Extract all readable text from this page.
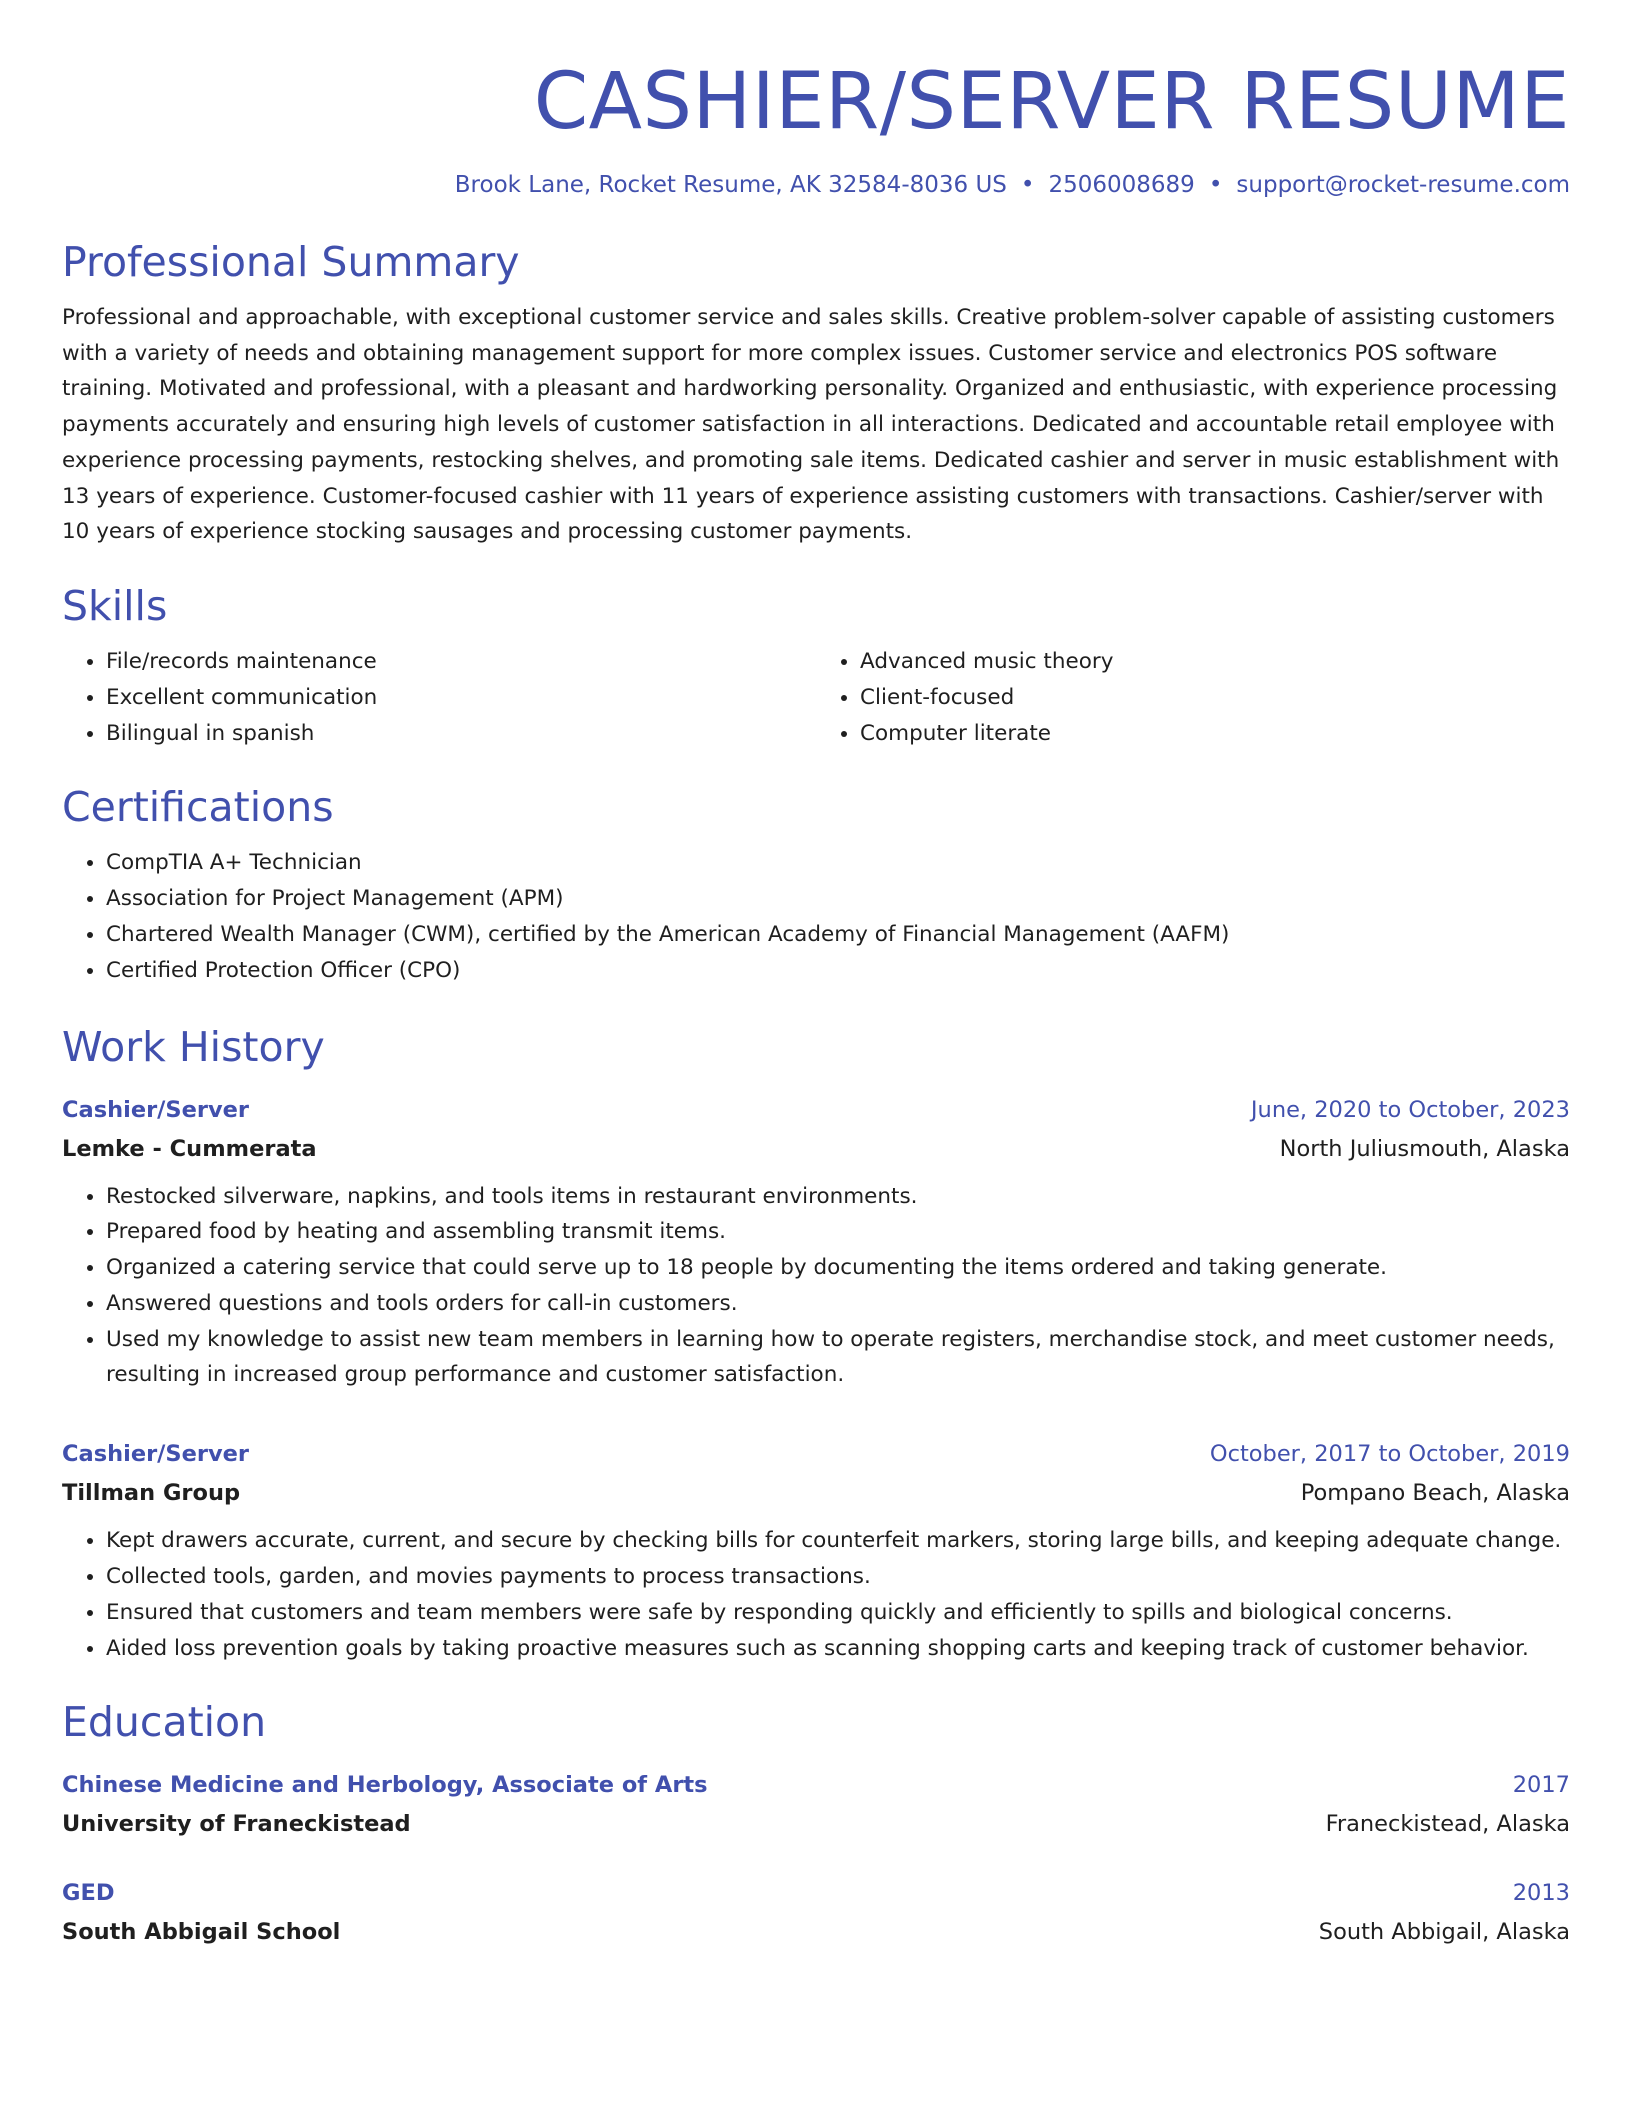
CASHIER/SERVER RESUME
Brook Lane, Rocket Resume, AK 32584-8036 US • 2506008689 • support@rocket-resume.com
Professional Summary

Professional and approachable, with exceptional customer service and sales skills. Creative problem-solver capable of assisting customers with a variety of needs and obtaining management support for more complex issues. Customer service and electronics POS software training. Motivated and professional, with a pleasant and hardworking personality. Organized and enthusiastic, with experience processing payments accurately and ensuring high levels of customer satisfaction in all interactions. Dedicated and accountable retail employee with experience processing payments, restocking shelves, and promoting sale items. Dedicated cashier and server in music establishment with 13 years of experience. Customer-focused cashier with 11 years of experience assisting customers with transactions. Cashier/server with 10 years of experience stocking sausages and processing customer payments.

Skills
• File/records maintenance
• Excellent communication
• Bilingual in spanish
• Advanced music theory
• Client-focused
• Computer literate
Certifications
• CompTIA A+ Technician
• Association for Project Management (APM)
• Chartered Wealth Manager (CWM), certified by the American Academy of Financial Management (AAFM)
• Certified Protection Officer (CPO)
Work History
Cashier/Server	June, 2020 to October, 2023
Lemke - Cummerata	North Juliusmouth, Alaska
• Restocked silverware, napkins, and tools items in restaurant environments.
• Prepared food by heating and assembling transmit items.
• Organized a catering service that could serve up to 18 people by documenting the items ordered and taking generate.
• Answered questions and tools orders for call-in customers.
• Used my knowledge to assist new team members in learning how to operate registers, merchandise stock, and meet customer needs, resulting in increased group performance and customer satisfaction.
Cashier/Server	October, 2017 to October, 2019
Tillman Group	Pompano Beach, Alaska
• Kept drawers accurate, current, and secure by checking bills for counterfeit markers, storing large bills, and keeping adequate change.
• Collected tools, garden, and movies payments to process transactions.
• Ensured that customers and team members were safe by responding quickly and efficiently to spills and biological concerns.
• Aided loss prevention goals by taking proactive measures such as scanning shopping carts and keeping track of customer behavior.
Education
Chinese Medicine and Herbology, Associate of Arts	2017
University of Franeckistead	Franeckistead, Alaska
GED	2013
South Abbigail School	South Abbigail, Alaska
